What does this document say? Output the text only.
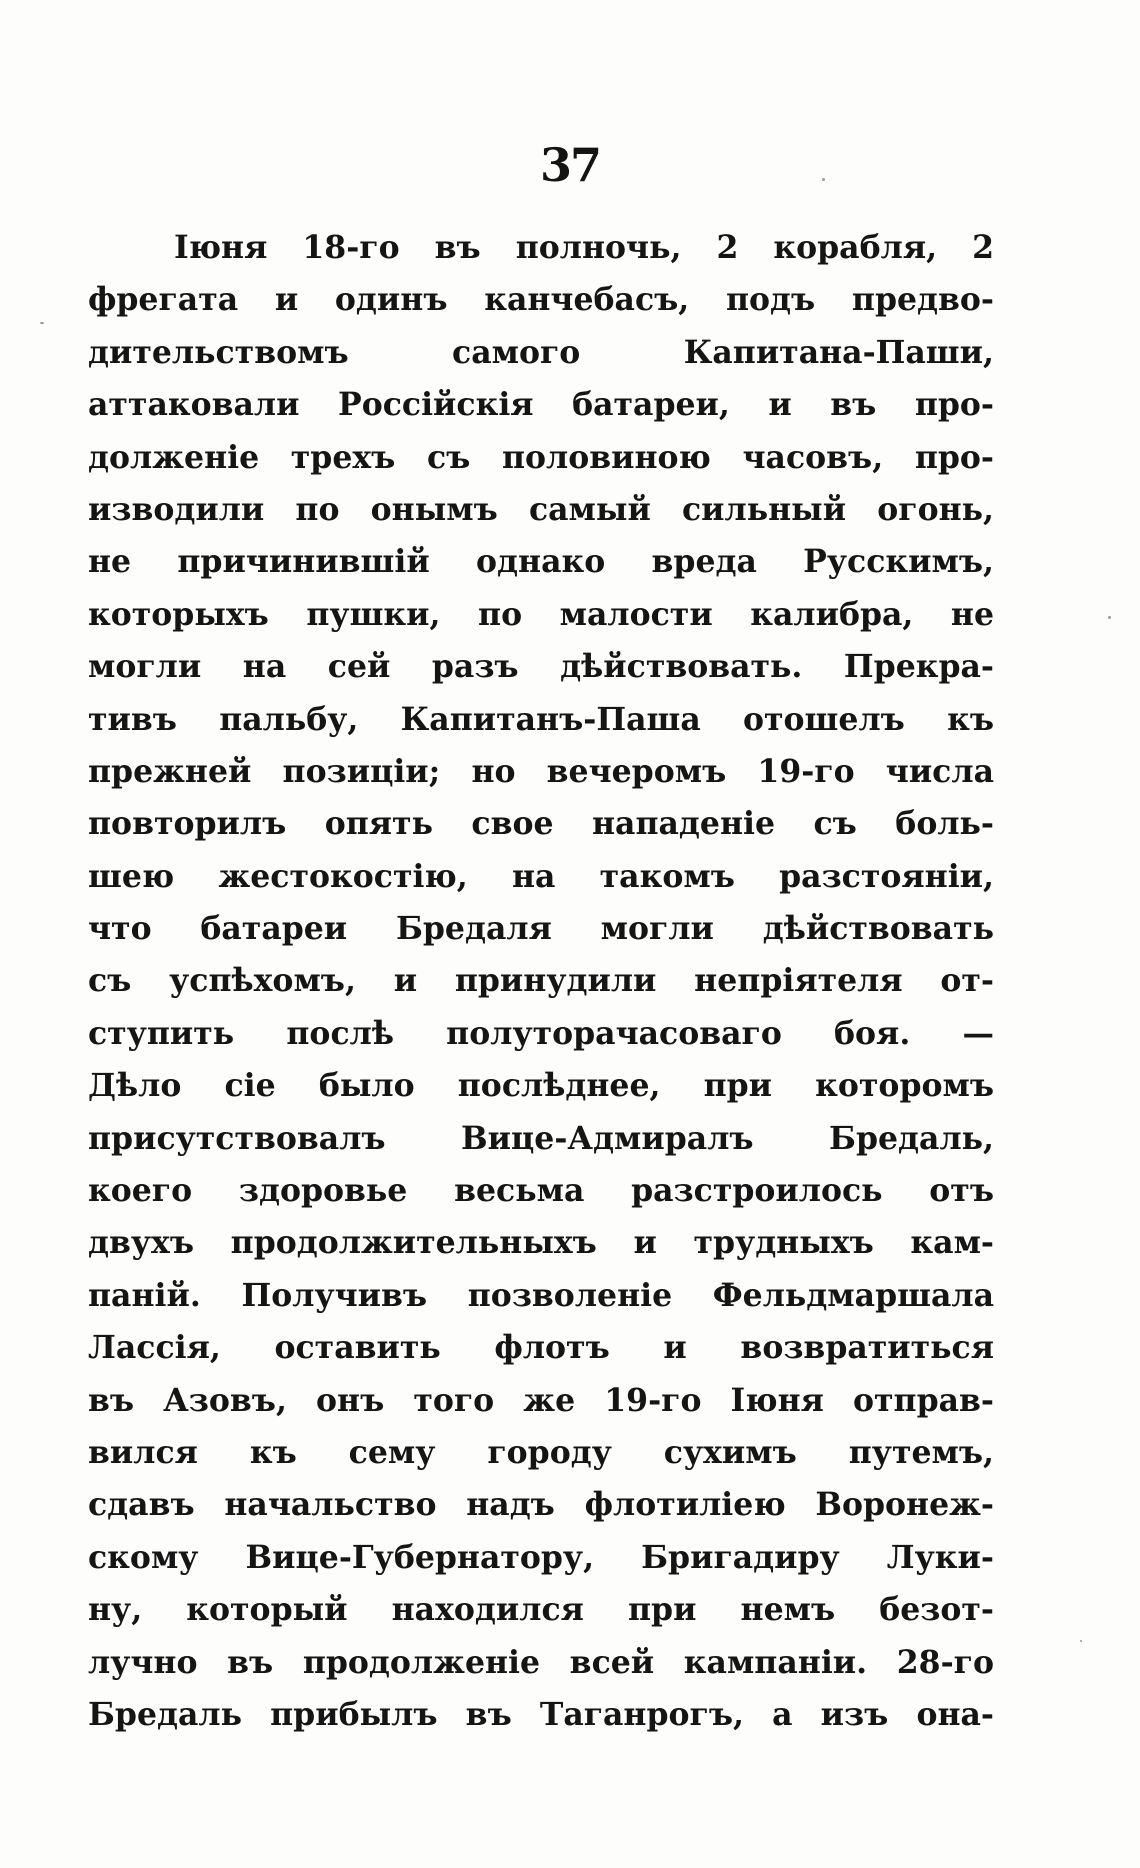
37
Іюня 18-го въ полночь, 2 корабля, 2
фрегата и одинъ канчебасъ, подъ предво-
дительствомъ самого Капитана-Паши,
аттаковали Россійскія батареи, и въ про-
долженіе трехъ съ половиною часовъ, про-
изводили по онымъ самый сильный огонь,
не причинившій однако вреда Русскимъ,
которыхъ пушки, по малости калибра, не
могли на сей разъ дѣйствовать. Прекра-
тивъ пальбу, Капитанъ-Паша отошелъ къ
прежней позиціи; но вечеромъ 19-го числа
повторилъ опять свое нападеніе съ боль-
шею жестокостію, на такомъ разстояніи,
что батареи Бредаля могли дѣйствовать
съ успѣхомъ, и принудили непріятеля от-
ступить послѣ полуторачасоваго боя. —
Дѣло сіе было послѣднее, при которомъ
присутствовалъ Вице-Адмиралъ Бредаль,
коего здоровье весьма разстроилось отъ
двухъ продолжительныхъ и трудныхъ кам-
паній. Получивъ позволеніе Фельдмаршала
Лассія, оставить флотъ и возвратиться
въ Азовъ, онъ того же 19-го Іюня отправ-
вился къ сему городу сухимъ путемъ,
сдавъ начальство надъ флотиліею Воронеж-
скому Вице-Губернатору, Бригадиру Луки-
ну, который находился при немъ безот-
лучно въ продолженіе всей кампаніи. 28-го
Бредаль прибылъ въ Таганрогъ, а изъ она-
